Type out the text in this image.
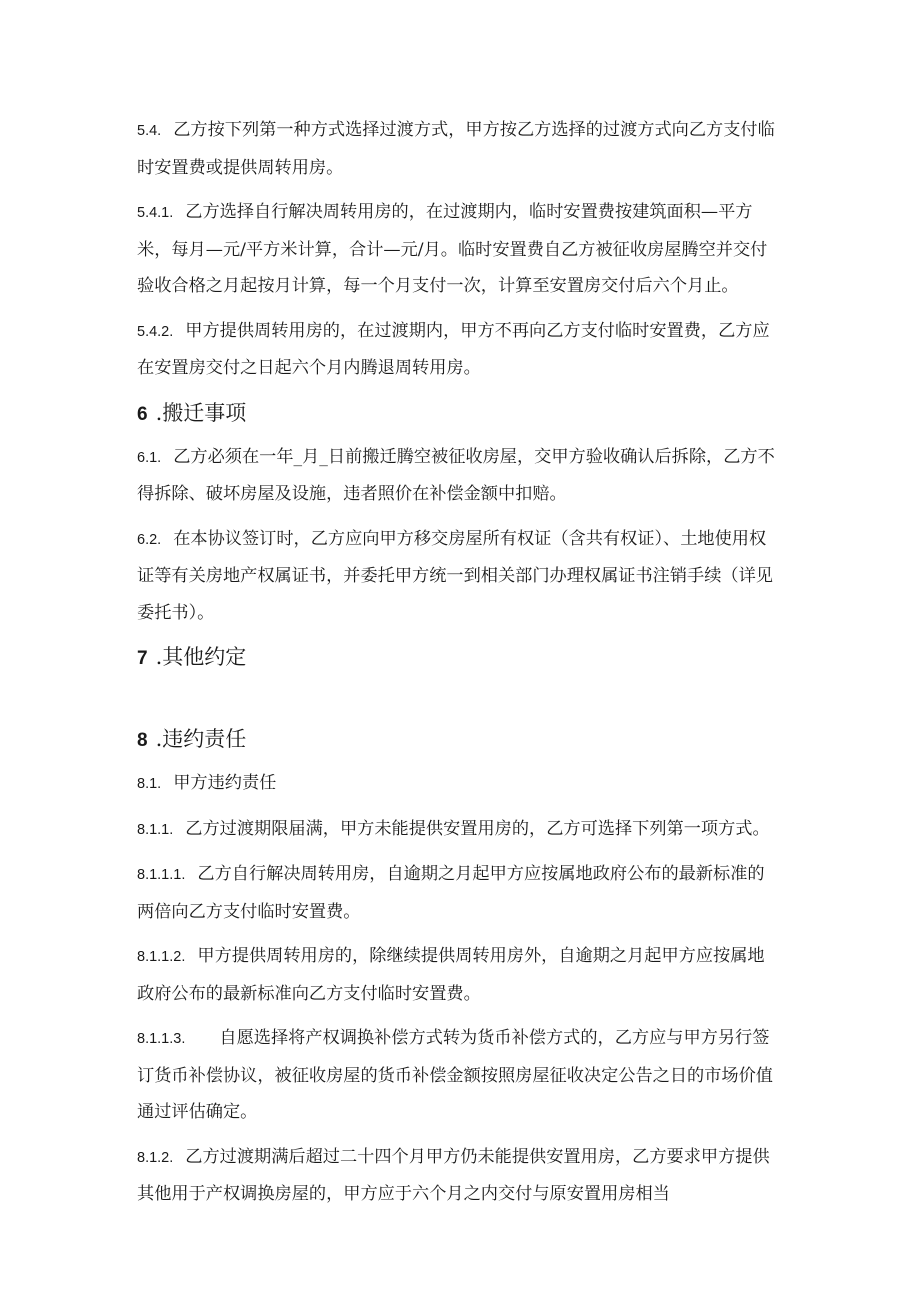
5.4. 乙方按下列第一种方式选择过渡方式，甲方按乙方选择的过渡方式向乙方支付临时安置费或提供周转用房。

5.4.1. 乙方选择自行解决周转用房的，在过渡期内，临时安置费按建筑面积—平方米，每月—元/平方米计算，合计—元/月。临时安置费自乙方被征收房屋腾空并交付验收合格之月起按月计算，每一个月支付一次，计算至安置房交付后六个月止。

5.4.2. 甲方提供周转用房的，在过渡期内，甲方不再向乙方支付临时安置费，乙方应在安置房交付之日起六个月内腾退周转用房。

6 .搬迁事项

6.1. 乙方必须在一年_月_日前搬迁腾空被征收房屋，交甲方验收确认后拆除，乙方不得拆除、破坏房屋及设施，违者照价在补偿金额中扣赔。

6.2. 在本协议签订时，乙方应向甲方移交房屋所有权证（含共有权证）、土地使用权证等有关房地产权属证书，并委托甲方统一到相关部门办理权属证书注销手续（详见委托书）。

7 .其他约定
8 .违约责任

8.1. 甲方违约责任

8.1.1. 乙方过渡期限届满，甲方未能提供安置用房的，乙方可选择下列第一项方式。

8.1.1.1. 乙方自行解决周转用房，自逾期之月起甲方应按属地政府公布的最新标准的两倍向乙方支付临时安置费。

8.1.1.2. 甲方提供周转用房的，除继续提供周转用房外，自逾期之月起甲方应按属地政府公布的最新标准向乙方支付临时安置费。

8.1.1.3. 自愿选择将产权调换补偿方式转为货币补偿方式的，乙方应与甲方另行签订货币补偿协议，被征收房屋的货币补偿金额按照房屋征收决定公告之日的市场价值通过评估确定。

8.1.2. 乙方过渡期满后超过二十四个月甲方仍未能提供安置用房，乙方要求甲方提供其他用于产权调换房屋的，甲方应于六个月之内交付与原安置用房相当
